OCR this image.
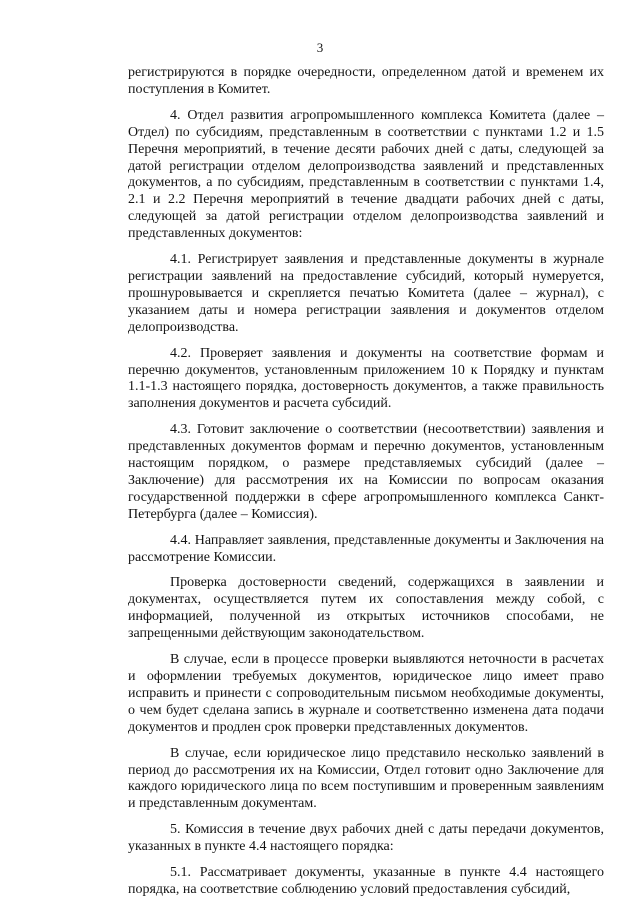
3

регистрируются в порядке очередности, определенном датой и временем их поступления в Комитет.

4. Отдел развития агропромышленного комплекса Комитета (далее – Отдел) по субсидиям, представленным в соответствии с пунктами 1.2 и 1.5 Перечня мероприятий, в течение десяти рабочих дней с даты, следующей за датой регистрации отделом делопроизводства заявлений и представленных документов, а по субсидиям, представленным в соответствии с пунктами 1.4, 2.1 и 2.2 Перечня мероприятий в течение двадцати рабочих дней с даты, следующей за датой регистрации отделом делопроизводства заявлений и представленных документов:

4.1. Регистрирует заявления и представленные документы в журнале регистрации заявлений на предоставление субсидий, который нумеруется, прошнуровывается и скрепляется печатью Комитета (далее – журнал), с указанием даты и номера регистрации заявления и документов отделом делопроизводства.

4.2. Проверяет заявления и документы на соответствие формам и перечню документов, установленным приложением 10 к Порядку и пунктам 1.1-1.3 настоящего порядка, достоверность документов, а также правильность заполнения документов и расчета субсидий.

4.3. Готовит заключение о соответствии (несоответствии) заявления и представленных документов формам и перечню документов, установленным настоящим порядком, о размере представляемых субсидий (далее – Заключение) для рассмотрения их на Комиссии по вопросам оказания государственной поддержки в сфере агропромышленного комплекса Санкт-Петербурга (далее – Комиссия).

4.4. Направляет заявления, представленные документы и Заключения на рассмотрение Комиссии.

Проверка достоверности сведений, содержащихся в заявлении и документах, осуществляется путем их сопоставления между собой, с информацией, полученной из открытых источников способами, не запрещенными действующим законодательством.

В случае, если в процессе проверки выявляются неточности в расчетах и оформлении требуемых документов, юридическое лицо имеет право исправить и принести с сопроводительным письмом необходимые документы, о чем будет сделана запись в журнале и соответственно изменена дата подачи документов и продлен срок проверки представленных документов.

В случае, если юридическое лицо представило несколько заявлений в период до рассмотрения их на Комиссии, Отдел готовит одно Заключение для каждого юридического лица по всем поступившим и проверенным заявлениям и представленным документам.

5. Комиссия в течение двух рабочих дней с даты передачи документов, указанных в пункте 4.4 настоящего порядка:

5.1. Рассматривает документы, указанные в пункте 4.4 настоящего порядка, на соответствие соблюдению условий предоставления субсидий,
